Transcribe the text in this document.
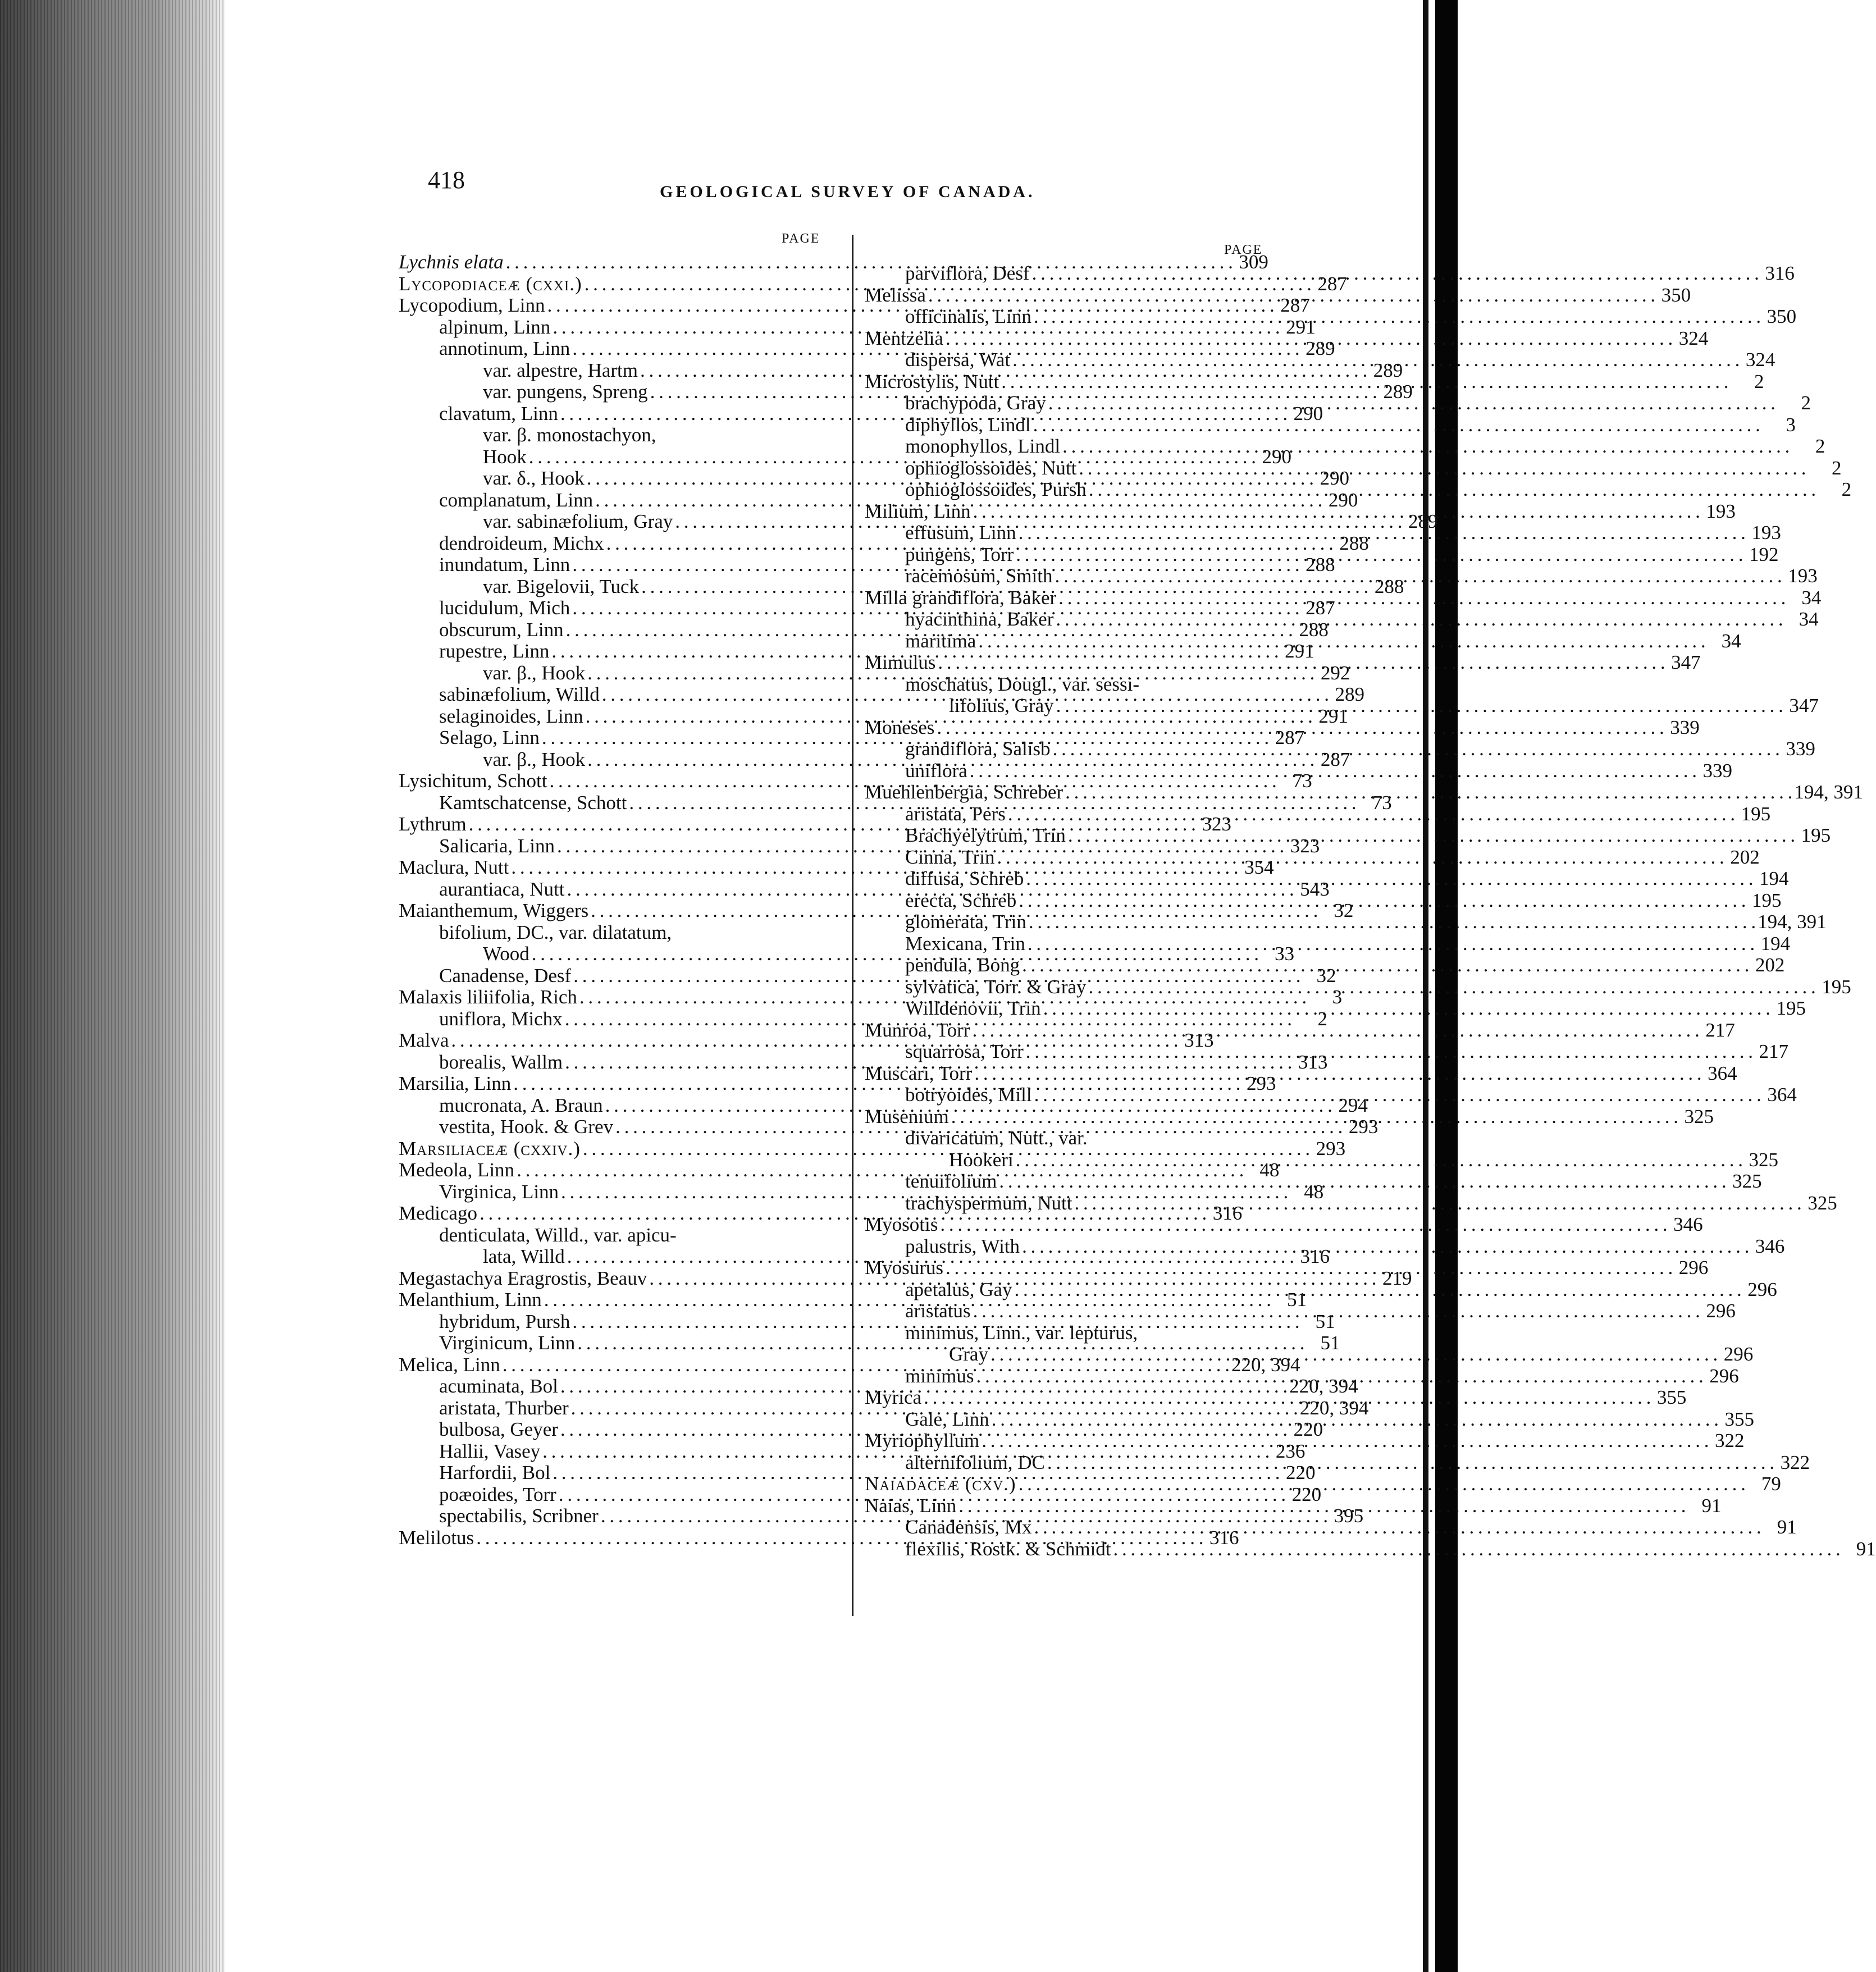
418	GEOLOGICAL SURVEY OF CANADA.
PAGE
PAGE
Lychnis elata . . .	309
Lycopodiaceæ (cxxi.) . . .	287
Lycopodium, Linn . . .	287
alpinum, Linn . . .	291
annotinum, Linn . . .	289
var. alpestre, Hartm . . .	289
var. pungens, Spreng . . .	289
clavatum, Linn . . .	290
var. β. monostachyon,
Hook . . .	290
var. δ., Hook . . .	290
complanatum, Linn . . .	290
var. sabinæfolium, Gray . . .	289
dendroideum, Michx . . .	288
inundatum, Linn . . .	288
var. Bigelovii, Tuck . . .	288
lucidulum, Mich . . .	287
obscurum, Linn . . .	288
rupestre, Linn . . .	291
var. β., Hook . . .	292
sabinæfolium, Willd . . .	289
selaginoides, Linn . . .	291
Selago, Linn . . .	287
var. β., Hook . . .	287
Lysichitum, Schott . . .	73
Kamtschatcense, Schott . . .	73
Lythrum . . .	323
Salicaria, Linn . . .	323
Maclura, Nutt . . .	354
aurantiaca, Nutt . . .	543
Maianthemum, Wiggers . . .	32
bifolium, DC., var. dilatatum,
Wood . . .	33
Canadense, Desf . . .	32
Malaxis liliifolia, Rich . . .	3
uniflora, Michx . . .	2
Malva . . .	313
borealis, Wallm . . .	313
Marsilia, Linn . . .	293
mucronata, A. Braun . . .	294
vestita, Hook. & Grev . . .	293
Marsiliaceæ (cxxiv.) . . .	293
Medeola, Linn . . .	48
Virginica, Linn . . .	48
Medicago . . .	316
denticulata, Willd., var. apicu-
lata, Willd . . .	316
Megastachya Eragrostis, Beauv . . .	219
Melanthium, Linn . . .	51
hybridum, Pursh . . .	51
Virginicum, Linn . . .	51
Melica, Linn . . .	220, 394
acuminata, Bol . . .	220, 394
aristata, Thurber . . .	220, 394
bulbosa, Geyer . . .	220
Hallii, Vasey . . .	236
Harfordii, Bol . . .	220
poæoides, Torr . . .	220
spectabilis, Scribner . . .	395
Melilotus . . .	316
parviflora, Desf . . .	316
Melissa . . .	350
officinalis, Linn . . .	350
Mentzelia . . .	324
dispersa, Wat . . .	324
Microstylis, Nutt . . .	2
brachypoda, Gray . . .	2
diphyllos, Lindl . . .	3
monophyllos, Lindl . . .	2
ophioglossoides, Nutt . . .	2
ophioglossoides, Pursh . . .	2
Milium, Linn . . .	193
effusum, Linn . . .	193
pungens, Torr . . .	192
racemosum, Smith . . .	193
Milla grandiflora, Baker . . .	34
hyacinthina, Baker . . .	34
maritima . . .	34
Mimulus . . .	347
moschatus, Dougl., var. sessi-
lifolius, Gray . . .	347
Moneses . . .	339
grandiflora, Salisb . . .	339
uniflora . . .	339
Muehlenbergia, Schreber . . .	194, 391
aristata, Pers . . .	195
Brachyelytrum, Trin . . .	195
Cinna, Trin . . .	202
diffusa, Schreb . . .	194
erecta, Schreb . . .	195
glomerata, Trin . . .	194, 391
Mexicana, Trin . . .	194
pendula, Bong . . .	202
sylvatica, Torr. & Gray . . .	195
Willdenovii, Trin . . .	195
Munroa, Torr . . .	217
squarrosa, Torr . . .	217
Muscari, Torr . . .	364
botryoides, Mill . . .	364
Musenium . . .	325
divaricatum, Nutt., var.
Hookeri . . .	325
tenuifolium . . .	325
trachyspermum, Nutt . . .	325
Myosotis . . .	346
palustris, With . . .	346
Myosurus . . .	296
apetalus, Gay . . .	296
aristatus . . .	296
minimus, Linn., var. lepturus,
Gray . . .	296
minimus . . .	296
Myrica . . .	355
Gale, Linn . . .	355
Myriophyllum . . .	322
alternifolium, DC . . .	322
Naiadaceæ (cxv.) . . .	79
Naias, Linn . . .	91
Canadensis, Mx . . .	91
flexilis, Rostk. & Schmidt . . .	91
